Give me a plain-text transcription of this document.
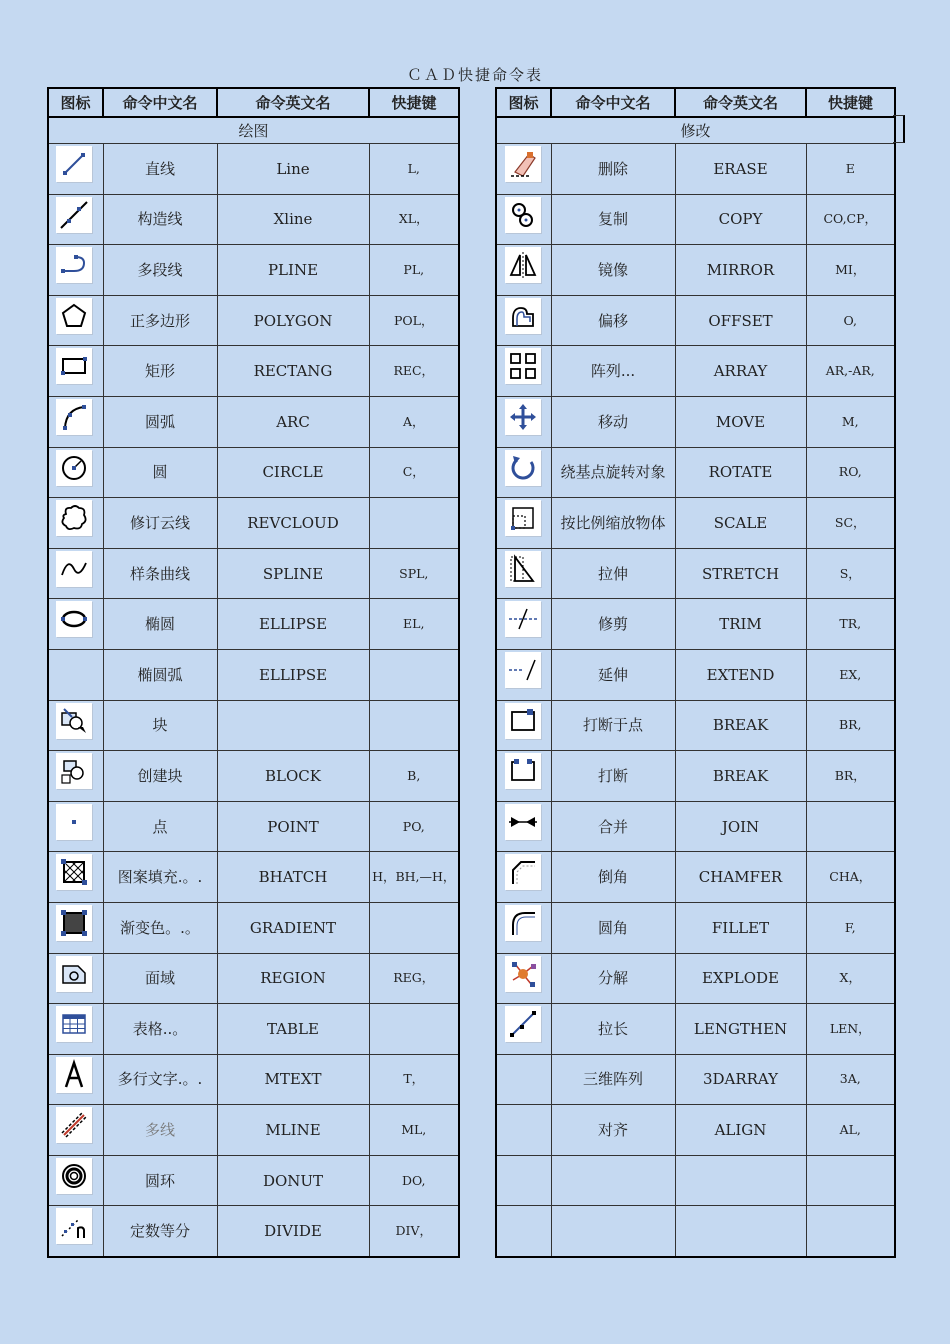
ＣＡＤ快捷命令表
图标	命令中文名	命令英文名	快捷键
绘图			

	直线	Line	L,

	构造线	Xline	XL，

	多段线	PLINE	PL,

	正多边形	POLYGON	POL，

	矩形	RECTANG	REC，

	圆弧	ARC	A，

	圆	CIRCLE	C，

	修订云线	REVCLOUD	

	样条曲线	SPLINE	SPL,

	椭圆	ELLIPSE	EL,
	椭圆弧	ELLIPSE	

	块		

	创建块	BLOCK	B,

	点	POINT	PO,

	图案填充.。.	BHATCH	H，BH,—H，

	渐变色。.。	GRADIENT	

	面域	REGION	REG，

	表格..。	TABLE	

	多行文字.。.	MTEXT	T，

	多线	MLINE	ML,

	圆环	DONUT	DO,

	定数等分	DIVIDE	DIV，
图标	命令中文名	命令英文名	快捷键
修改			

	删除	ERASE	E

	复制	COPY	CO,CP，

	镜像	MIRROR	MI，

	偏移	OFFSET	O,

	阵列...	ARRAY	AR,-AR,

	移动	MOVE	M,

	绕基点旋转对象	ROTATE	RO,

	按比例缩放物体	SCALE	SC，

	拉伸	STRETCH	S，

	修剪	TRIM	TR,

	延伸	EXTEND	EX,

	打断于点	BREAK	BR,

	打断	BREAK	BR，

	合并	JOIN	

	倒角	CHAMFER	CHA，

	圆角	FILLET	F,

	分解	EXPLODE	X，

	拉长	LENGTHEN	LEN，
	三维阵列	3DARRAY	3A,
	对齐	ALIGN	AL,
